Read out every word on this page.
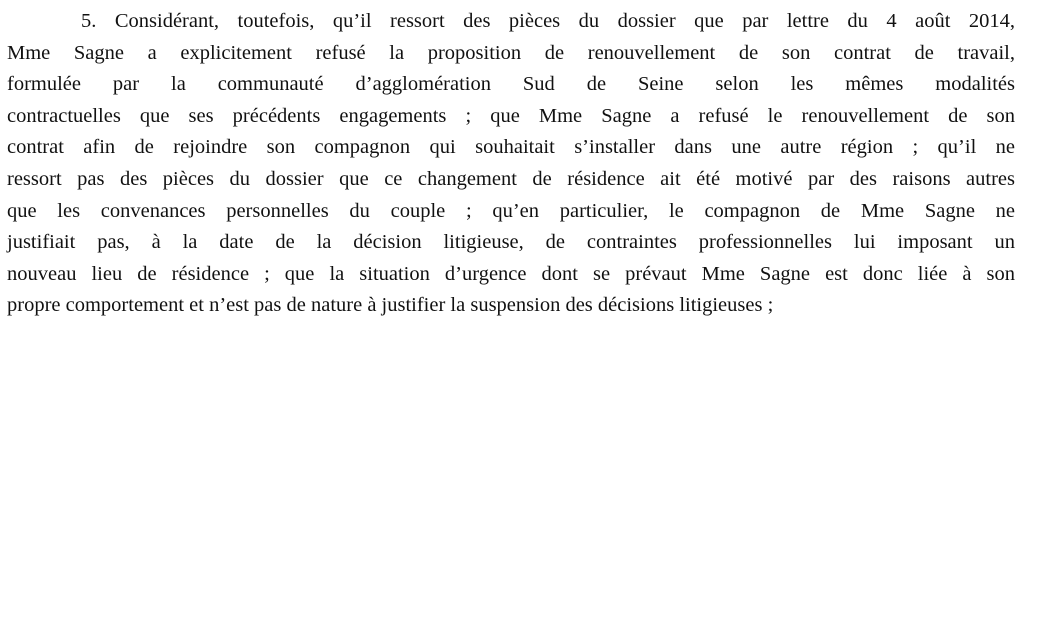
5. Considérant, toutefois, qu’il ressort des pièces du dossier que par lettre du 4 août 2014,
Mme Sagne a explicitement refusé la proposition de renouvellement de son contrat de travail,
formulée par la communauté d’agglomération Sud de Seine selon les mêmes modalités
contractuelles que ses précédents engagements ; que Mme Sagne a refusé le renouvellement de son
contrat afin de rejoindre son compagnon qui souhaitait s’installer dans une autre région ; qu’il ne
ressort pas des pièces du dossier que ce changement de résidence ait été motivé par des raisons autres
que les convenances personnelles du couple ; qu’en particulier, le compagnon de Mme Sagne ne
justifiait pas, à la date de la décision litigieuse, de contraintes professionnelles lui imposant un
nouveau lieu de résidence ; que la situation d’urgence dont se prévaut Mme Sagne est donc liée à son
propre comportement et n’est pas de nature à justifier la suspension des décisions litigieuses ;
